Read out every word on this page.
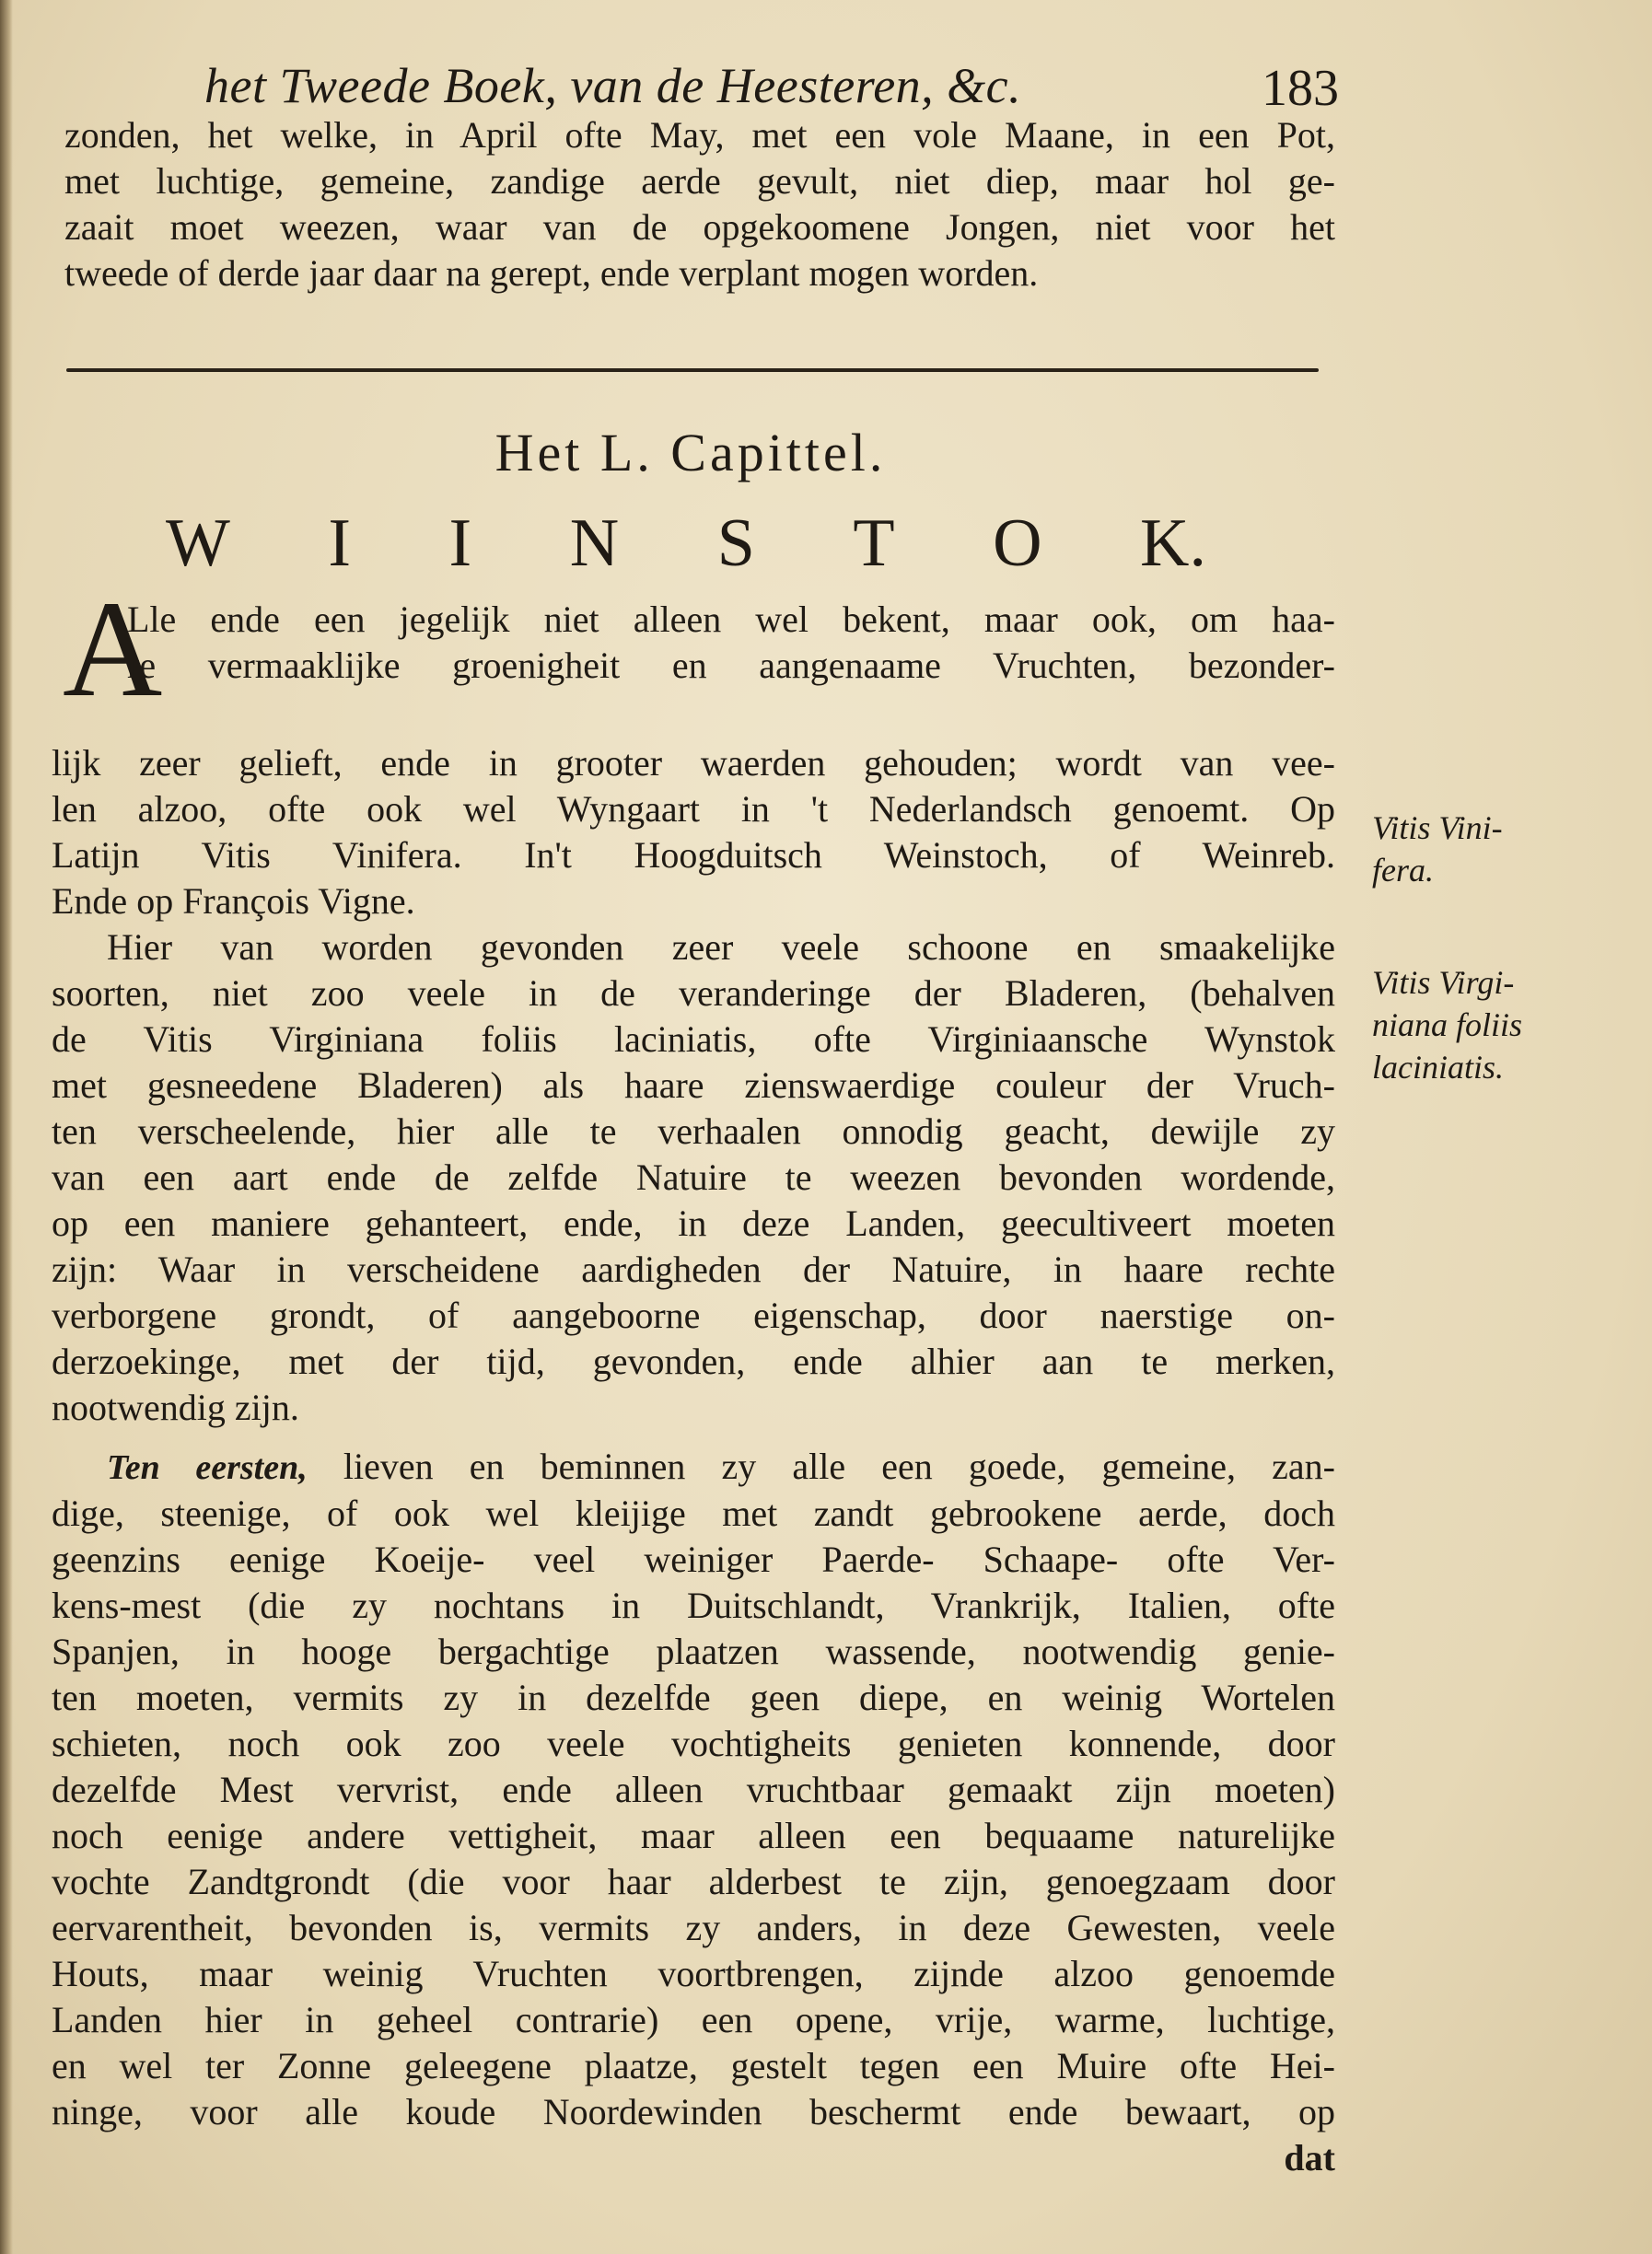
het Tweede Boek, van de Heesteren, &c.	183
zonden, het welke, in April ofte May, met een vole Maane, in een Pot,
met luchtige, gemeine, zandige aerde gevult, niet diep, maar hol ge-
zaait moet weezen, waar van de opgekoomene Jongen, niet voor het
tweede of derde jaar daar na gerept, ende verplant mogen worden.
Het L. Capittel.
W I I N S T O K.
A
Lle ende een jegelijk niet alleen wel bekent, maar ook, om haa-
re vermaaklijke groenigheit en aangenaame Vruchten, bezonder-
lijk zeer gelieft, ende in grooter waerden gehouden; wordt van vee-
len alzoo, ofte ook wel Wyngaart in 't Nederlandsch genoemt. Op
Latijn Vitis Vinifera. In't Hoogduitsch Weinstoch, of Weinreb.
Ende op François Vigne.
Hier van worden gevonden zeer veele schoone en smaakelijke
soorten, niet zoo veele in de veranderinge der Bladeren, (behalven
de Vitis Virginiana foliis laciniatis, ofte Virginiaansche Wynstok
met gesneedene Bladeren) als haare zienswaerdige couleur der Vruch-
ten verscheelende, hier alle te verhaalen onnodig geacht, dewijle zy
van een aart ende de zelfde Natuire te weezen bevonden wordende,
op een maniere gehanteert, ende, in deze Landen, geecultiveert moeten
zijn: Waar in verscheidene aardigheden der Natuire, in haare rechte
verborgene grondt, of aangeboorne eigenschap, door naerstige on-
derzoekinge, met der tijd, gevonden, ende alhier aan te merken,
nootwendig zijn.
Ten eersten, lieven en beminnen zy alle een goede, gemeine, zan-
dige, steenige, of ook wel kleijige met zandt gebrookene aerde, doch
geenzins eenige Koeije- veel weiniger Paerde- Schaape- ofte Ver-
kens-mest (die zy nochtans in Duitschlandt, Vrankrijk, Italien, ofte
Spanjen, in hooge bergachtige plaatzen wassende, nootwendig genie-
ten moeten, vermits zy in dezelfde geen diepe, en weinig Wortelen
schieten, noch ook zoo veele vochtigheits genieten konnende, door
dezelfde Mest vervrist, ende alleen vruchtbaar gemaakt zijn moeten)
noch eenige andere vettigheit, maar alleen een bequaame naturelijke
vochte Zandtgrondt (die voor haar alderbest te zijn, genoegzaam door
eervarentheit, bevonden is, vermits zy anders, in deze Gewesten, veele
Houts, maar weinig Vruchten voortbrengen, zijnde alzoo genoemde
Landen hier in geheel contrarie) een opene, vrije, warme, luchtige,
en wel ter Zonne geleegene plaatze, gestelt tegen een Muire ofte Hei-
ninge, voor alle koude Noordewinden beschermt ende bewaart, op
dat
Vitis Vini-
fera.
Vitis Virgi-
niana foliis
laciniatis.
